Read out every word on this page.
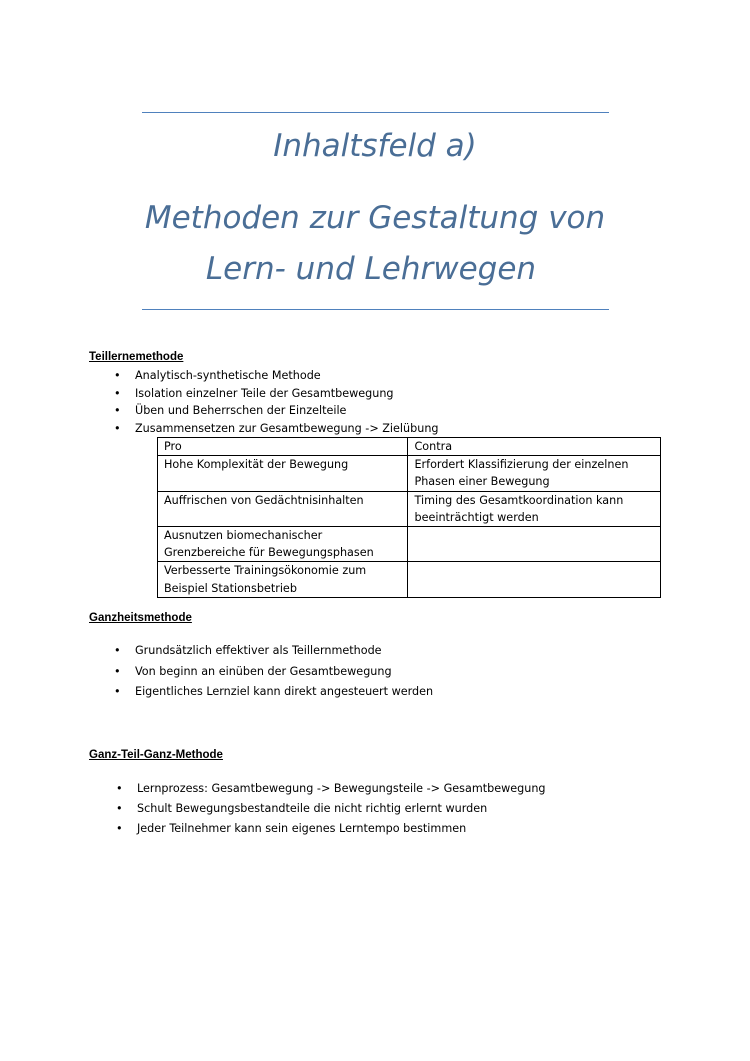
Inhaltsfeld a)
Methoden zur Gestaltung von
Lern- und Lehrwegen
Teillernemethode
• Analytisch-synthetische Methode
• Isolation einzelner Teile der Gesamtbewegung
• Üben und Beherrschen der Einzelteile
• Zusammensetzen zur Gesamtbewegung -> Zielübung
Pro	Contra

Hohe Komplexität der Bewegung	Erfordert Klassifizierung der einzelnen
Phasen einer Bewegung

Auffrischen von Gedächtnisinhalten	Timing des Gesamtkoordination kann
beeinträchtigt werden

Ausnutzen biomechanischer
Grenzbereiche für Bewegungsphasen	

Verbesserte Trainingsökonomie zum
Beispiel Stationsbetrieb	

Ganzheitsmethode
• Grundsätzlich effektiver als Teillernmethode
• Von beginn an einüben der Gesamtbewegung
• Eigentliches Lernziel kann direkt angesteuert werden
Ganz-Teil-Ganz-Methode
• Lernprozess: Gesamtbewegung -> Bewegungsteile -> Gesamtbewegung
• Schult Bewegungsbestandteile die nicht richtig erlernt wurden
• Jeder Teilnehmer kann sein eigenes Lerntempo bestimmen
